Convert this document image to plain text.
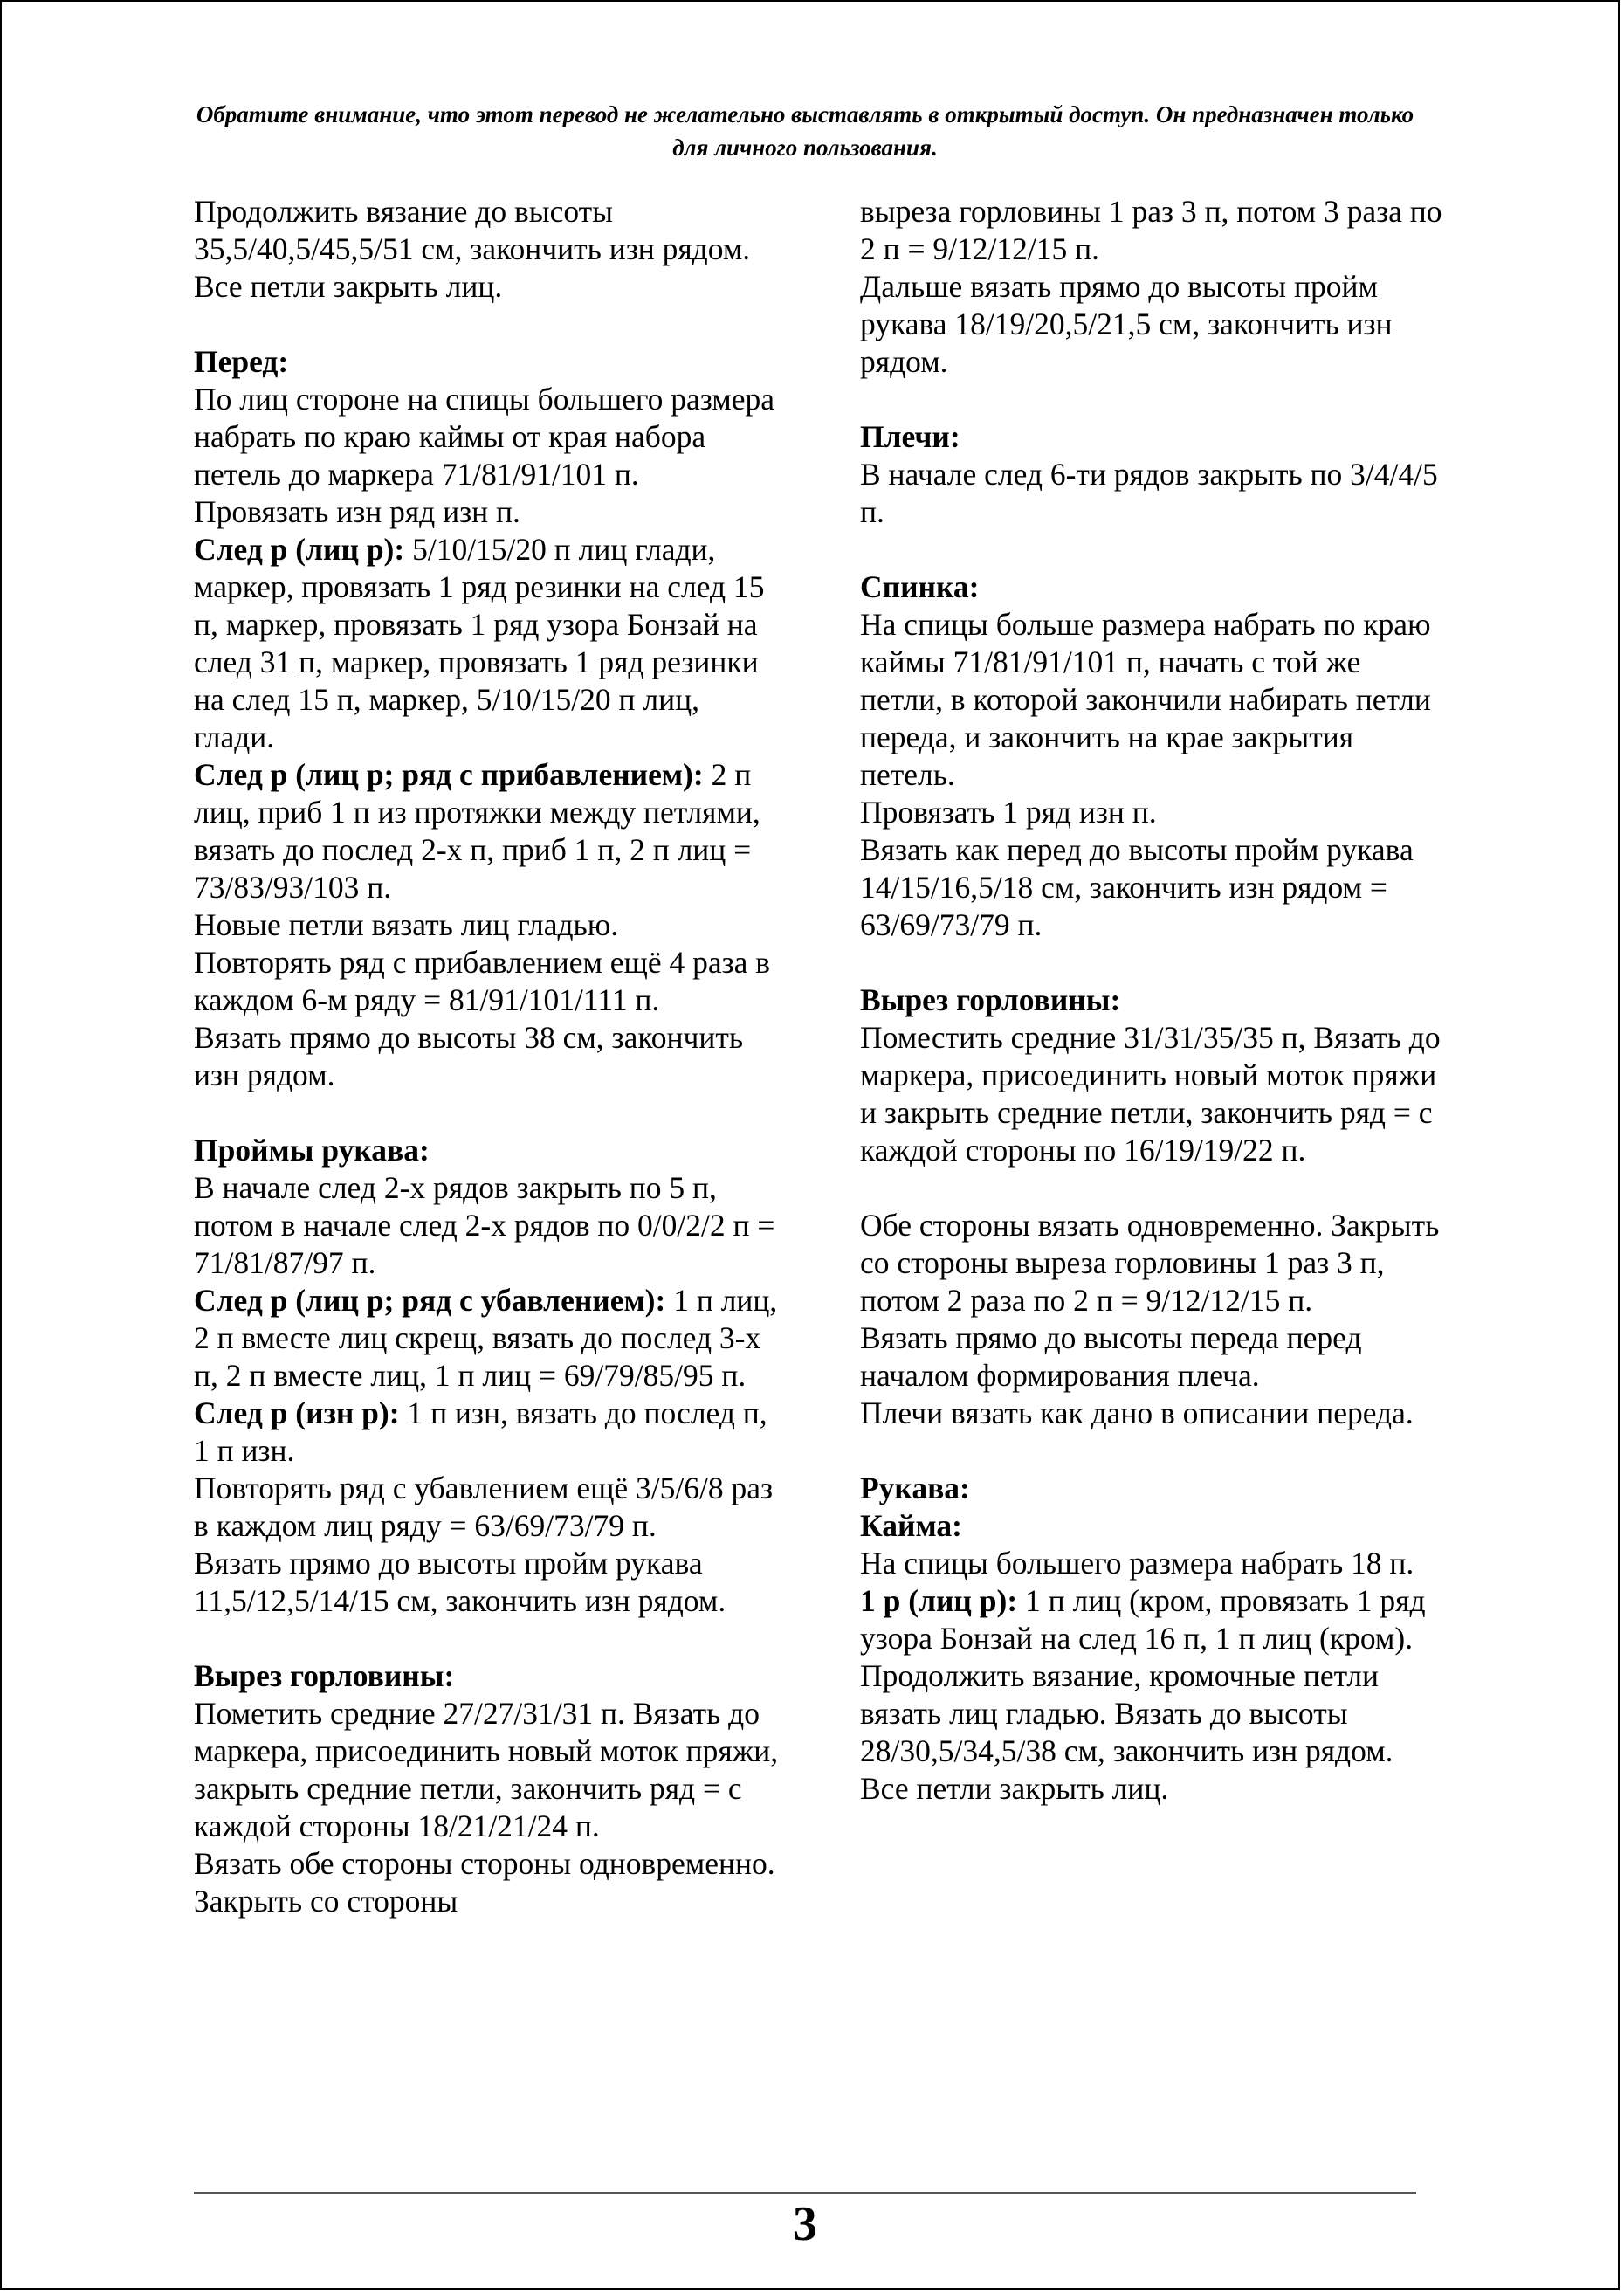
Обратите внимание, что этот перевод не желательно выставлять в открытый доступ. Он предназначен только для личного пользования.

Продолжить вязание до высоты 35,5/40,5/45,5/51 см, закончить изн рядом.

Все петли закрыть лиц.

Перед:

По лиц стороне на спицы большего размера набрать по краю каймы от края набора петель до маркера 71/81/91/101 п.

Провязать изн ряд изн п.

След р (лиц р): 5/10/15/20 п лиц глади, маркер, провязать 1 ряд резинки на след 15 п, маркер, провязать 1 ряд узора Бонзай на след 31 п, маркер, провязать 1 ряд резинки на след 15 п, маркер, 5/10/15/20 п лиц, глади.

След р (лиц р; ряд с прибавлением): 2 п лиц, приб 1 п из протяжки между петлями, вязать до послед 2-х п, приб 1 п, 2 п лиц = 73/83/93/103 п.

Новые петли вязать лиц гладью.

Повторять ряд с прибавлением ещё 4 раза в каждом 6-м ряду = 81/91/101/111 п.

Вязать прямо до высоты 38 см, закончить изн рядом.

Проймы рукава:

В начале след 2-х рядов закрыть по 5 п, потом в начале след 2-х рядов по 0/0/2/2 п = 71/81/87/97 п.

След р (лиц р; ряд с убавлением): 1 п лиц, 2 п вместе лиц скрещ, вязать до послед 3-х п, 2 п вместе лиц, 1 п лиц = 69/79/85/95 п.

След р (изн р): 1 п изн, вязать до послед п, 1 п изн.

Повторять ряд с убавлением ещё 3/5/6/8 раз в каждом лиц ряду = 63/69/73/79 п.

Вязать прямо до высоты пройм рукава 11,5/12,5/14/15 см, закончить изн рядом.

Вырез горловины:

Пометить средние 27/27/31/31 п. Вязать до маркера, присоединить новый моток пряжи, закрыть средние петли, закончить ряд = с каждой стороны 18/21/21/24 п.

Вязать обе стороны стороны одновременно. Закрыть со стороны

выреза горловины 1 раз 3 п, потом 3 раза по 2 п = 9/12/12/15 п.

Дальше вязать прямо до высоты пройм рукава 18/19/20,5/21,5 см, закончить изн рядом.

Плечи:

В начале след 6-ти рядов закрыть по 3/4/4/5 п.

Спинка:

На спицы больше размера набрать по краю каймы 71/81/91/101 п, начать с той же петли, в которой закончили набирать петли переда, и закончить на крае закрытия петель.

Провязать 1 ряд изн п.

Вязать как перед до высоты пройм рукава 14/15/16,5/18 см, закончить изн рядом = 63/69/73/79 п.

Вырез горловины:

Поместить средние 31/31/35/35 п, Вязать до маркера, присоединить новый моток пряжи и закрыть средние петли, закончить ряд = с каждой стороны по 16/19/19/22 п.

Обе стороны вязать одновременно. Закрыть со стороны выреза горловины 1 раз 3 п, потом 2 раза по 2 п = 9/12/12/15 п.

Вязать прямо до высоты переда перед началом формирования плеча.

Плечи вязать как дано в описании переда.

Рукава:

Кайма:

На спицы большего размера набрать 18 п.

1 р (лиц р): 1 п лиц (кром, провязать 1 ряд узора Бонзай на след 16 п, 1 п лиц (кром).

Продолжить вязание, кромочные петли вязать лиц гладью. Вязать до высоты 28/30,5/34,5/38 см, закончить изн рядом.

Все петли закрыть лиц.

3
